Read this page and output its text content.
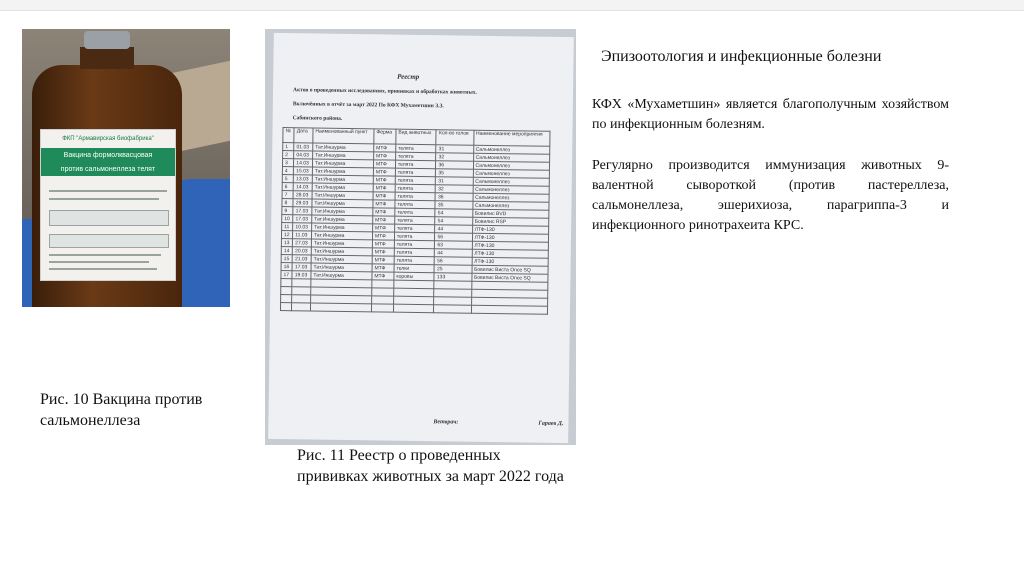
ФКП "Армавирская биофабрика"
Вакцина формолквасцовая
против сальмонеллеза телят
Реестр
Актов о проведенных исследованиях, прививках и обработках животных.
Включённых в отчёт за март 2022 По КФХ Мухаметшин З.З.
Сабинского района.
№	Дата	Наименованный пункт	Ферма	Вид животных	Кол-во голов	Наименование мероприятия
1	01.03	Тат.Иншурма	МТФ	телята	31	Сальмонеллез
2	04.03	Тат.Иншурма	МТФ	телята	32	Сальмонеллез
3	14.03	Тат.Иншурма	МТФ	телята	36	Сальмонеллез
4	15.03	Тат.Иншурма	МТФ	телята	35	Сальмонеллез
5	13.03	Тат.Иншурма	МТФ	телята	31	Сальмонеллез
6	14.03	Тат.Иншурма	МТФ	телята	32	Сальмонеллез
7	28.03	Тат.Иншурма	МТФ	телята	36	Сальмонеллез
8	29.03	Тат.Иншурма	МТФ	телята	35	Сальмонеллез
9	17.03	Тат.Иншурма	МТФ	телята	54	Бовилис BVD
10	17.03	Тат.Иншурма	МТФ	телята	54	Бовилис RSP
11	10.03	Тат.Иншурма	МТФ	телята	44	ЛТФ-130
12	11.03	Тат.Иншурма	МТФ	телята	56	ЛТФ-130
13	27.03	Тат.Иншурма	МТФ	телята	63	ЛТФ-130
14	20.03	Тат.Иншурма	МТФ	телята	44	ЛТФ-130
15	21.03	Тат.Иншурма	МТФ	телята	56	ЛТФ-130
16	17.03	Тат.Иншурма	МТФ	телки	25	Бовилис Виста Once SQ
17	19.03	Тат.Иншурма	МТФ	коровы	133	Бовилис Виста Once SQ

Ветврач:	Гараев Д.
Рис. 10 Вакцина против сальмонеллеза
Рис. 11 Реестр о проведенных прививках животных за март 2022 года
Эпизоотология и инфекционные болезни

КФХ «Мухаметшин» является благополучным хозяйством по инфекционным болезням.

Регулярно производится иммунизация животных 9-валентной сывороткой (против пастереллеза, сальмонеллеза, эшерихиоза, парагриппа-3 и инфекционного ринотрахеита КРС.
